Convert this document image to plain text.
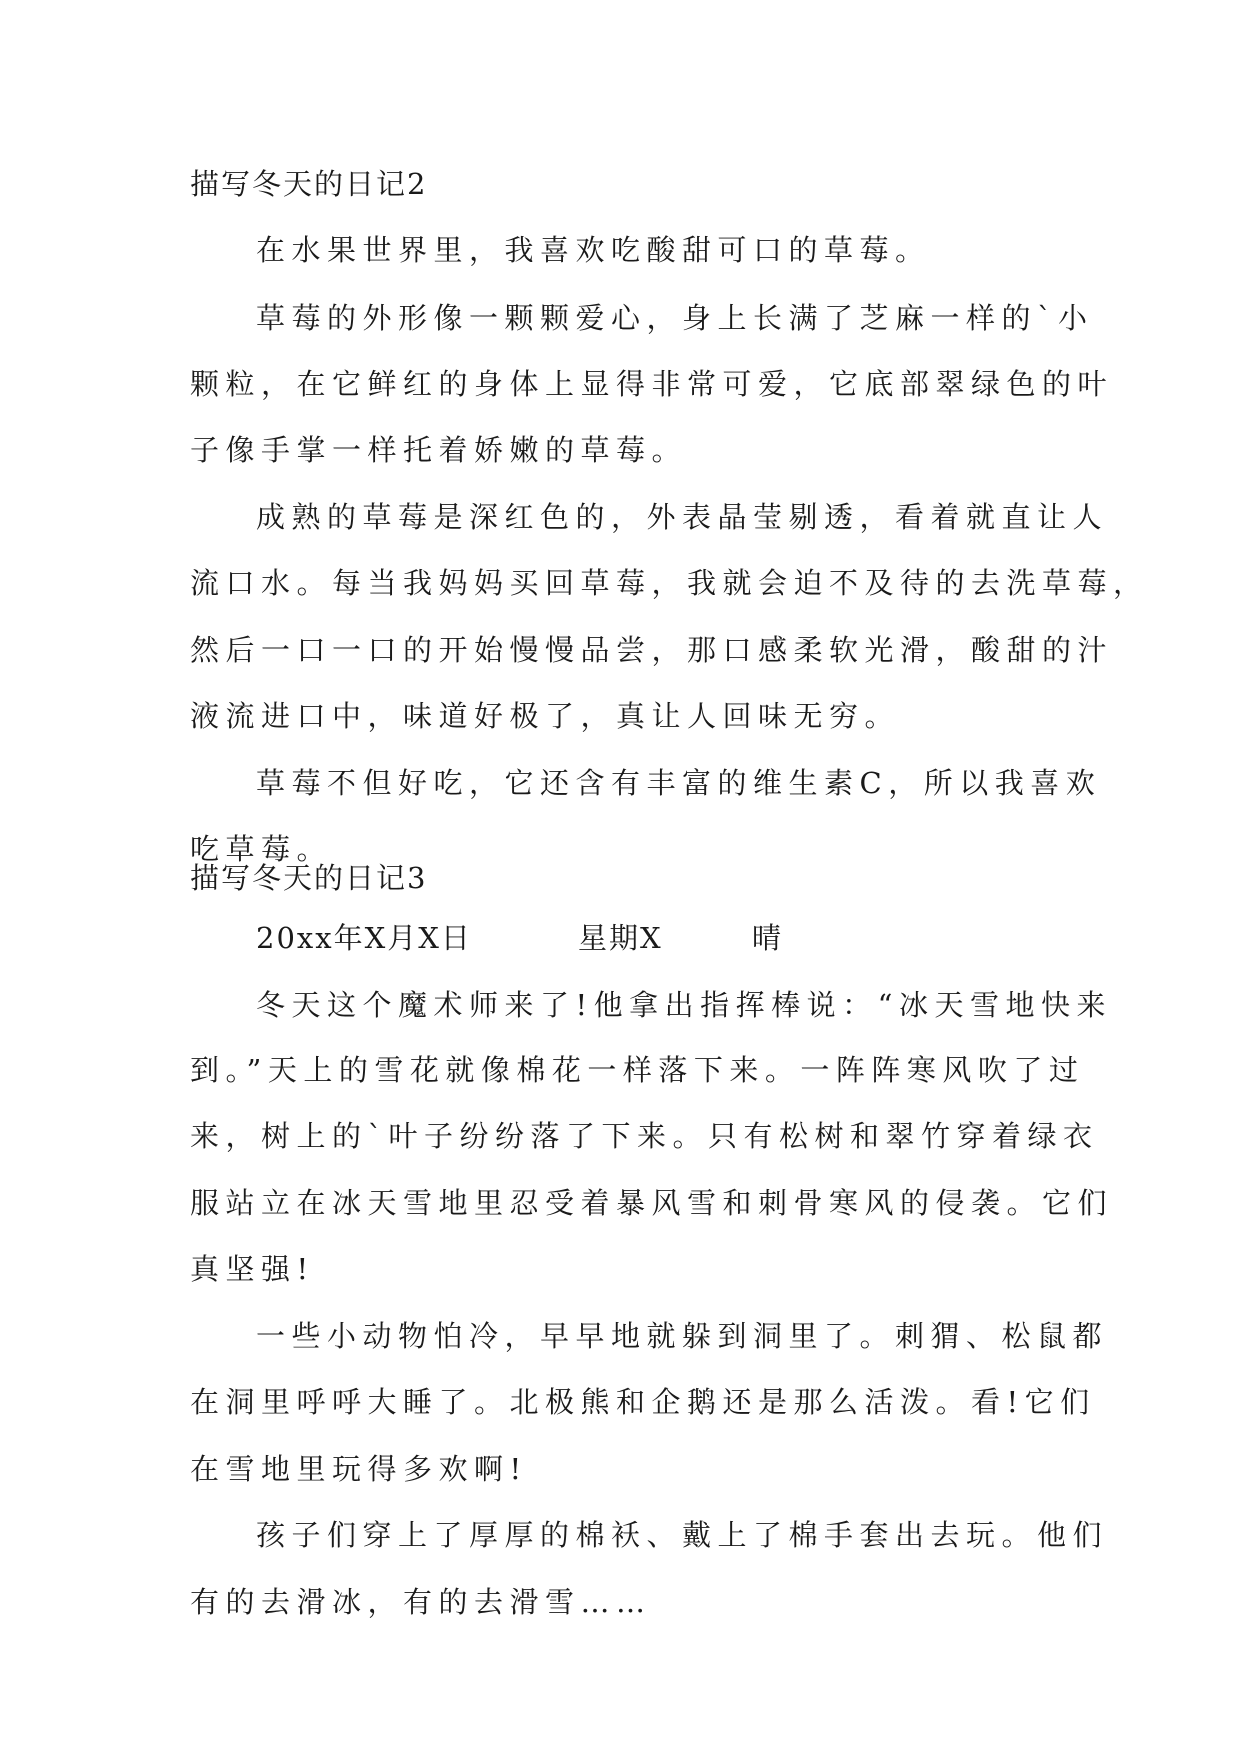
描写冬天的日记2
在水果世界里，我喜欢吃酸甜可口的草莓。
草莓的外形像一颗颗爱心，身上长满了芝麻一样的`小
颗粒，在它鲜红的身体上显得非常可爱，它底部翠绿色的叶
子像手掌一样托着娇嫩的草莓。
成熟的草莓是深红色的，外表晶莹剔透，看着就直让人
流口水。每当我妈妈买回草莓，我就会迫不及待的去洗草莓，
然后一口一口的开始慢慢品尝，那口感柔软光滑，酸甜的汁
液流进口中，味道好极了，真让人回味无穷。
草莓不但好吃，它还含有丰富的维生素C，所以我喜欢
吃草莓。
描写冬天的日记3
20xx年X月X日	星期X	晴
冬天这个魔术师来了!他拿出指挥棒说：“冰天雪地快来
到。”天上的雪花就像棉花一样落下来。一阵阵寒风吹了过
来，树上的`叶子纷纷落了下来。只有松树和翠竹穿着绿衣
服站立在冰天雪地里忍受着暴风雪和刺骨寒风的侵袭。它们
真坚强!
一些小动物怕冷，早早地就躲到洞里了。刺猬、松鼠都
在洞里呼呼大睡了。北极熊和企鹅还是那么活泼。看!它们
在雪地里玩得多欢啊!
孩子们穿上了厚厚的棉袄、戴上了棉手套出去玩。他们
有的去滑冰，有的去滑雪……
